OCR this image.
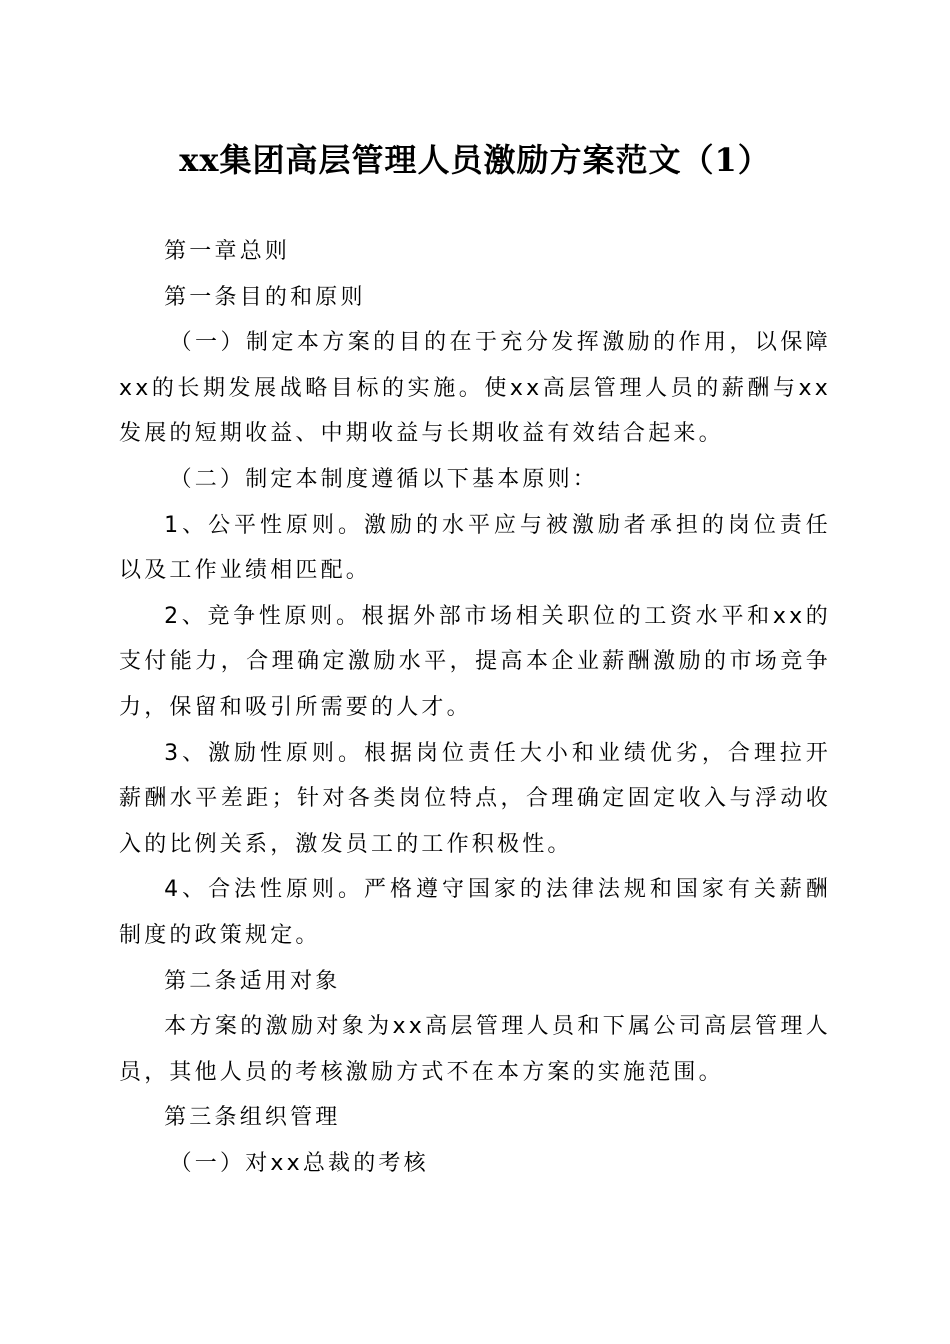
xx集团高层管理人员激励方案范文（1）

第一章总则

第一条目的和原则

（一）制定本方案的目的在于充分发挥激励的作用，以保障xx的长期发展战略目标的实施。使xx高层管理人员的薪酬与xx发展的短期收益、中期收益与长期收益有效结合起来。

（二）制定本制度遵循以下基本原则：

1、公平性原则。激励的水平应与被激励者承担的岗位责任以及工作业绩相匹配。

2、竞争性原则。根据外部市场相关职位的工资水平和xx的支付能力，合理确定激励水平，提高本企业薪酬激励的市场竞争力，保留和吸引所需要的人才。

3、激励性原则。根据岗位责任大小和业绩优劣，合理拉开薪酬水平差距；针对各类岗位特点，合理确定固定收入与浮动收入的比例关系，激发员工的工作积极性。

4、合法性原则。严格遵守国家的法律法规和国家有关薪酬制度的政策规定。

第二条适用对象

本方案的激励对象为xx高层管理人员和下属公司高层管理人员，其他人员的考核激励方式不在本方案的实施范围。

第三条组织管理

（一）对xx总裁的考核
